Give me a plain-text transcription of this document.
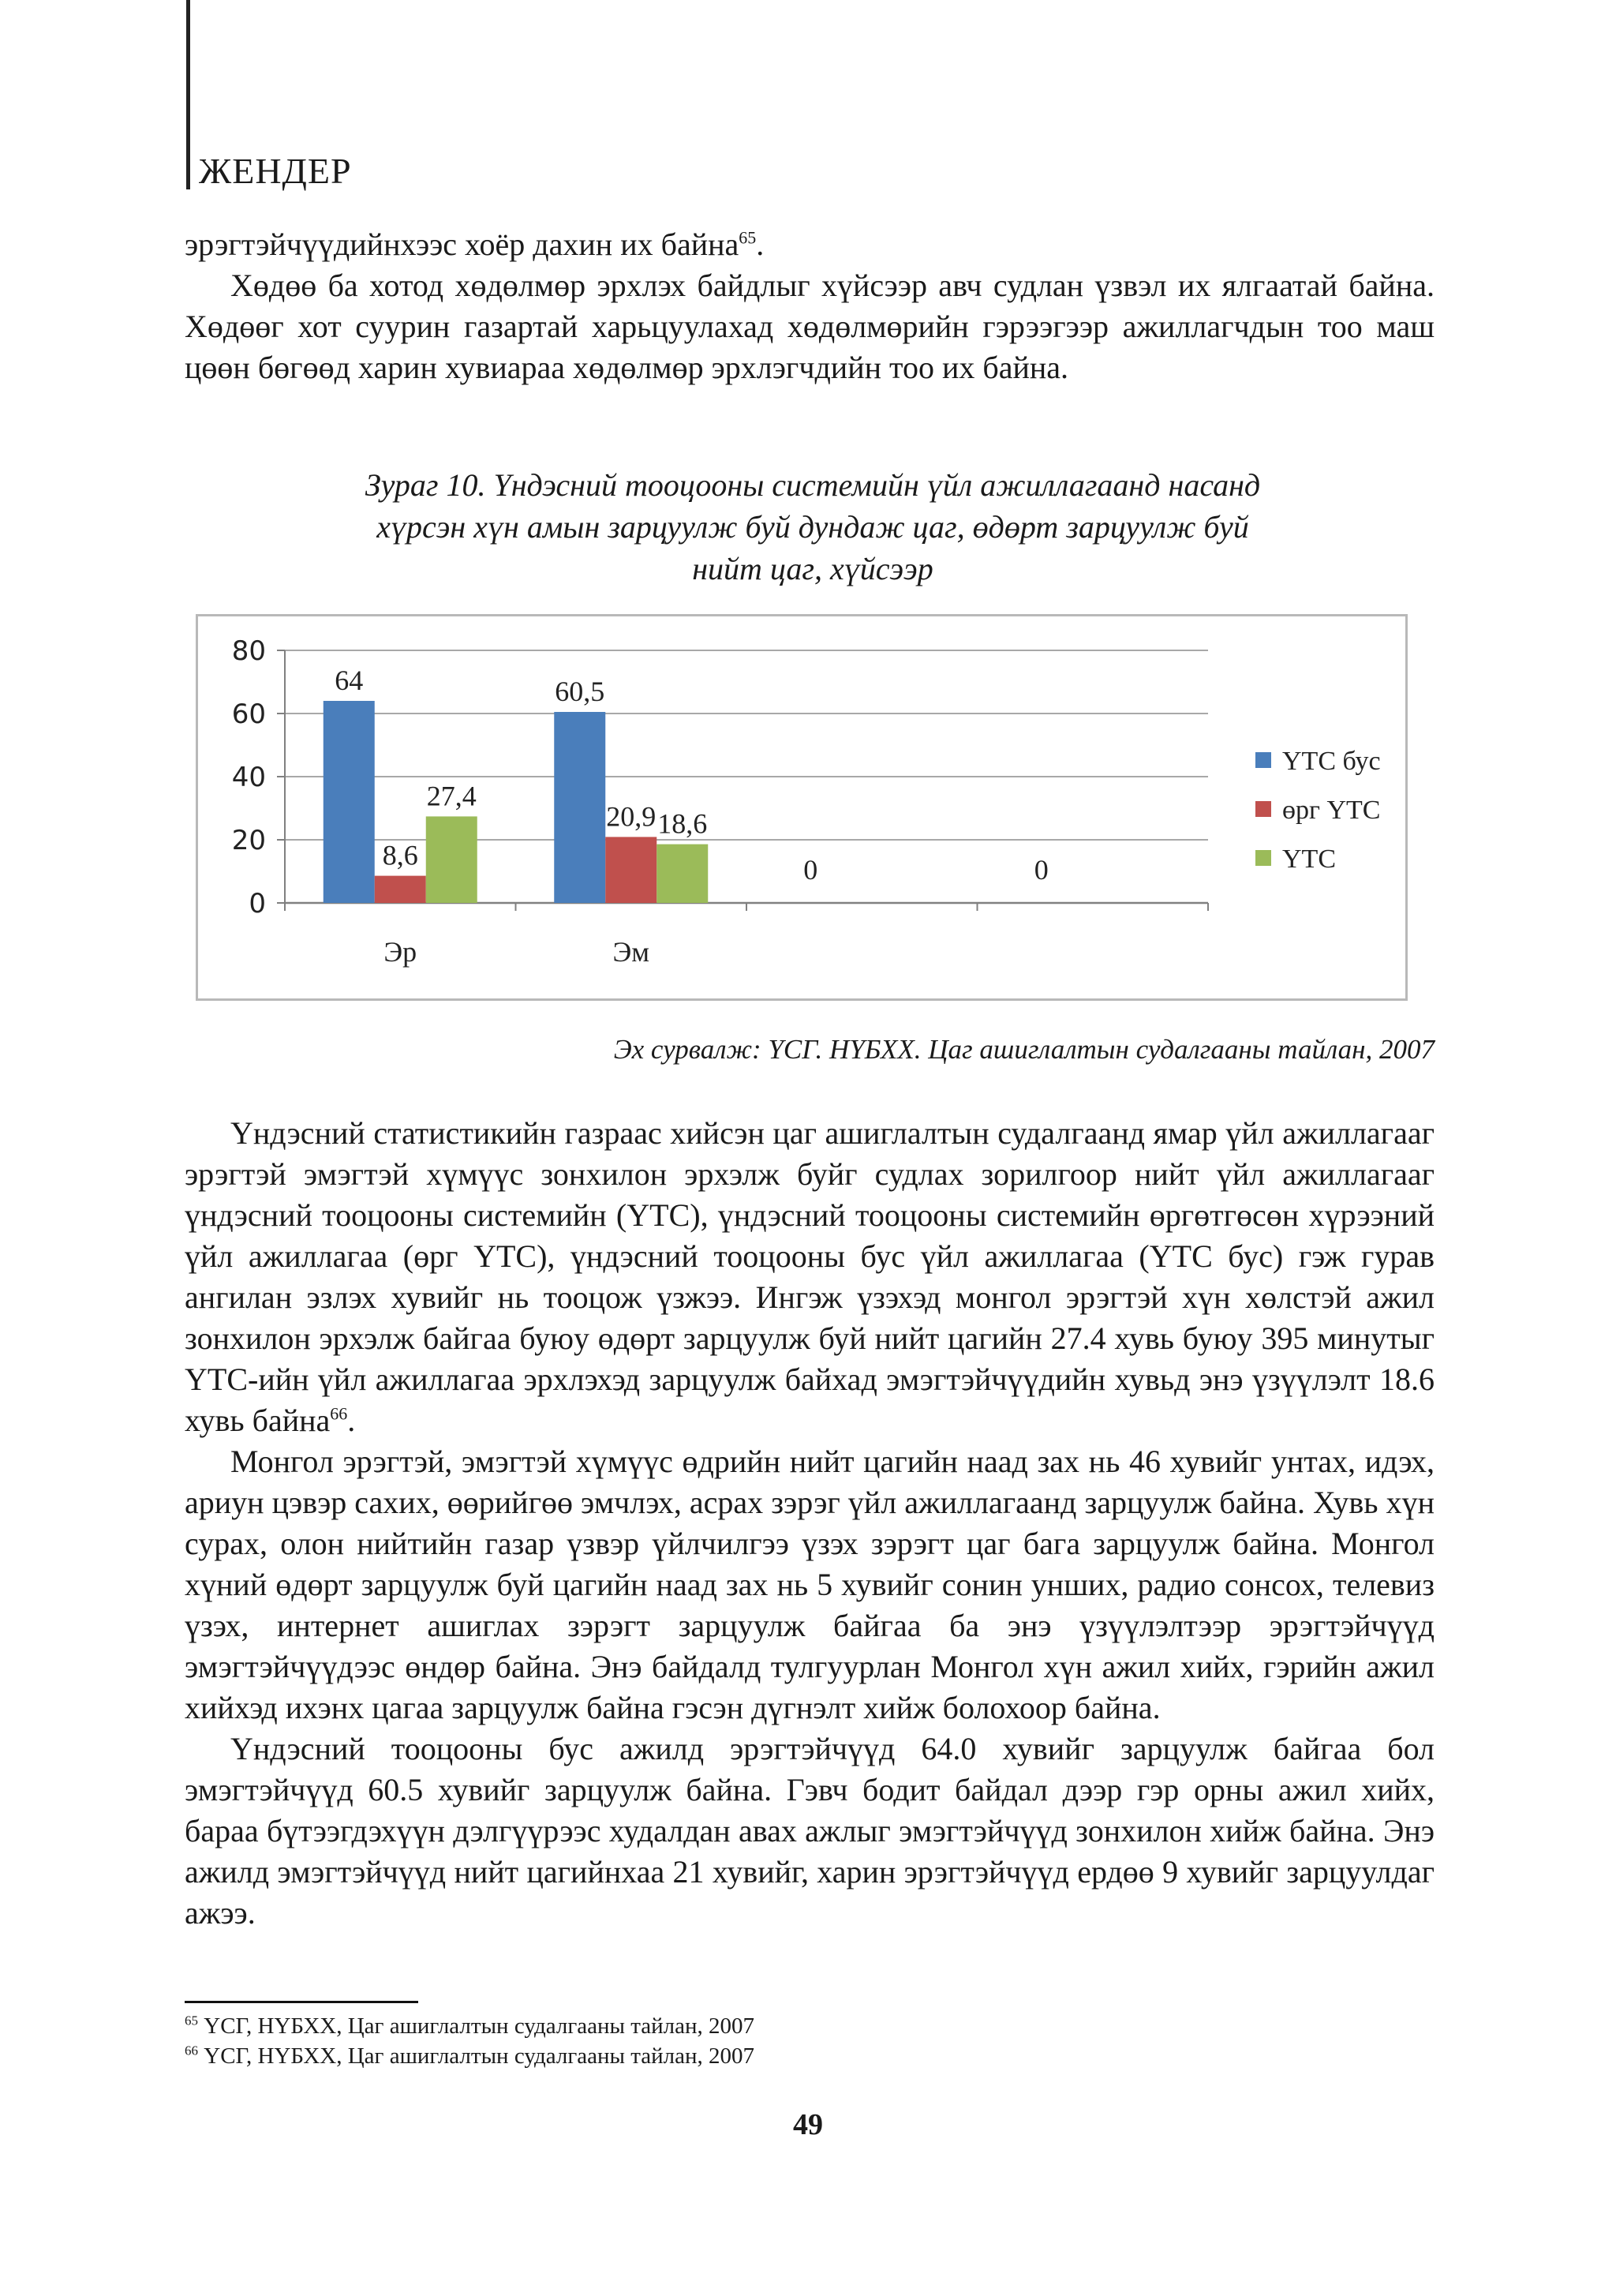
ЖЕНДЕР

эрэгтэйчүүдийнхээс хоёр дахин их байна$^{65}$.

Хөдөө ба хотод хөдөлмөр эрхлэх байдлыг хүйсээр авч судлан үзвэл их ялгаатай байна. Хөдөөг хот суурин газартай харьцуулахад хөдөлмөрийн гэрээгээр ажиллагчдын тоо маш цөөн бөгөөд харин хувиараа хөдөлмөр эрхлэгчдийн тоо их байна.

Зураг 10. Үндэсний тооцооны системийн үйл ажиллагаанд насанд
хүрсэн хүн амын зарцуулж буй дундаж цаг, өдөрт зарцуулж буй
нийт цаг, хүйсээр
0
20
40
60
80
64	60,5
0	0
8,6
20,9
27,4
18,6
Эр	Эм
ҮТС бус
өрг ҮТС
ҮТС
Эх сурвалж: ҮСГ. НҮБХХ. Цаг ашиглалтын судалгааны тайлан, 2007

Үндэсний статистикийн газраас хийсэн цаг ашиглалтын судалгаанд ямар үйл ажиллагааг эрэгтэй эмэгтэй хүмүүс зонхилон эрхэлж буйг судлах зорилгоор нийт үйл ажиллагааг үндэсний тооцооны системийн (ҮТС), үндэсний тооцооны системийн өргөтгөсөн хүрээний үйл ажиллагаа (өрг ҮТС), үндэсний тооцооны бус үйл ажиллагаа (ҮТС бус) гэж гурав ангилан эзлэх хувийг нь тооцож үзжээ. Ингэж үзэхэд монгол эрэгтэй хүн хөлстэй ажил зонхилон эрхэлж байгаа буюу өдөрт зарцуулж буй нийт цагийн 27.4 хувь буюу 395 минутыг ҮТС-ийн үйл ажиллагаа эрхлэхэд зарцуулж байхад эмэгтэйчүүдийн хувьд энэ үзүүлэлт 18.6 хувь байна$^{66}$.

Монгол эрэгтэй, эмэгтэй хүмүүс өдрийн нийт цагийн наад зах нь 46 хувийг унтах, идэх, ариун цэвэр сахих, өөрийгөө эмчлэх, асрах зэрэг үйл ажиллагаанд зарцуулж байна. Хувь хүн сурах, олон нийтийн газар үзвэр үйлчилгээ үзэх зэрэгт цаг бага зарцуулж байна. Монгол хүний өдөрт зарцуулж буй цагийн наад зах нь 5 хувийг сонин унших, радио сонсох, телевиз үзэх, интернет ашиглах зэрэгт зарцуулж байгаа ба энэ үзүүлэлтээр эрэгтэйчүүд эмэгтэйчүүдээс өндөр байна. Энэ байдалд тулгуурлан Монгол хүн ажил хийх, гэрийн ажил хийхэд ихэнх цагаа зарцуулж байна гэсэн дүгнэлт хийж болохоор байна.

Үндэсний тооцооны бус ажилд эрэгтэйчүүд 64.0 хувийг зарцуулж байгаа бол эмэгтэйчүүд 60.5 хувийг зарцуулж байна. Гэвч бодит байдал дээр гэр орны ажил хийх, бараа бүтээгдэхүүн дэлгүүрээс худалдан авах ажлыг эмэгтэйчүүд зонхилон хийж байна. Энэ ажилд эмэгтэйчүүд нийт цагийнхаа 21 хувийг, харин эрэгтэйчүүд ердөө 9 хувийг зарцуулдаг ажээ.

$^{65}$ ҮСГ, НҮБХХ, Цаг ашиглалтын судалгааны тайлан, 2007

$^{66}$ ҮСГ, НҮБХХ, Цаг ашиглалтын судалгааны тайлан, 2007

49
